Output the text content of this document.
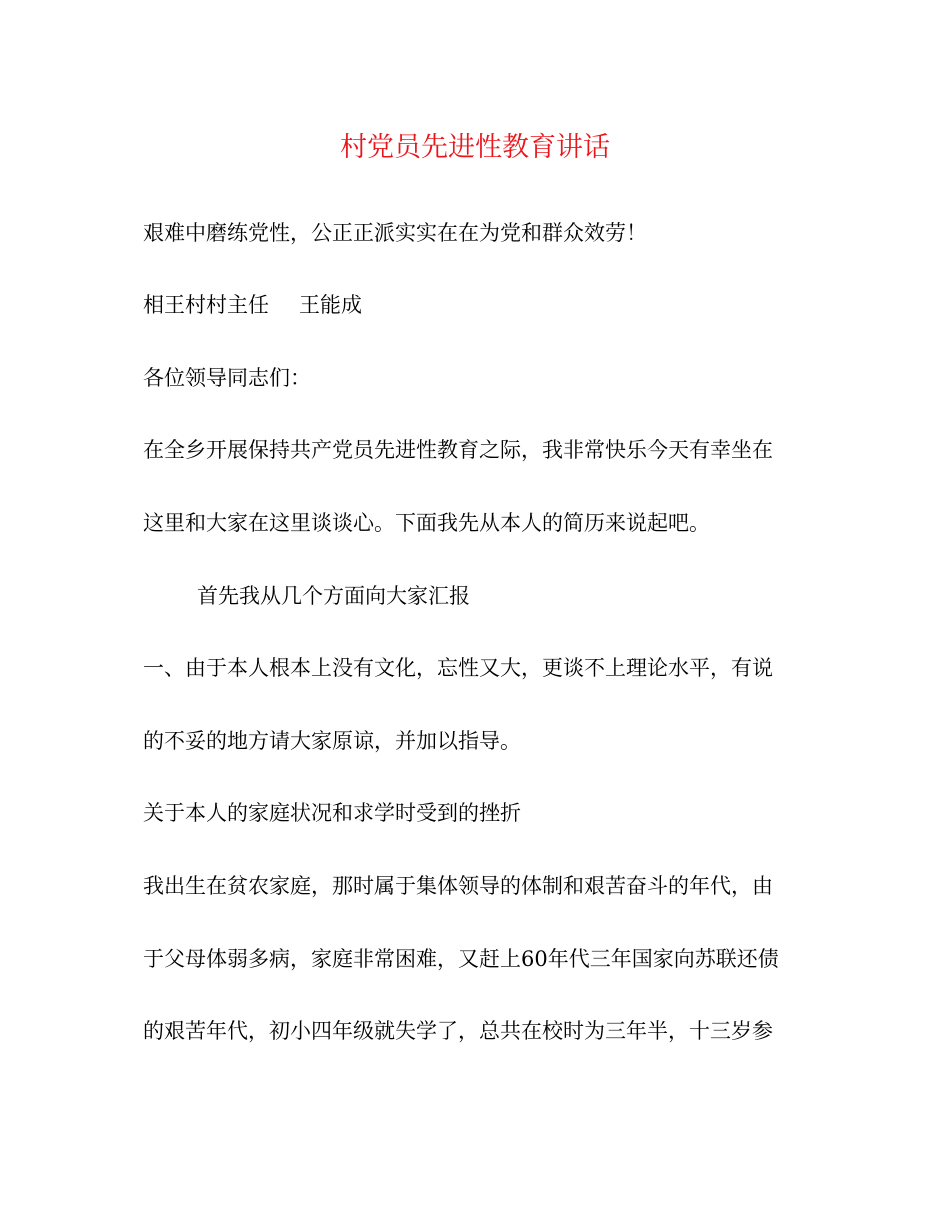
村党员先进性教育讲话
艰难中磨练党性，公正正派实实在在为党和群众效劳！
相王村村主任 王能成
各位领导同志们：
在全乡开展保持共产党员先进性教育之际，我非常快乐今天有幸坐在
这里和大家在这里谈谈心。下面我先从本人的简历来说起吧。
首先我从几个方面向大家汇报
一、由于本人根本上没有文化，忘性又大，更谈不上理论水平，有说
的不妥的地方请大家原谅，并加以指导。
关于本人的家庭状况和求学时受到的挫折
我出生在贫农家庭，那时属于集体领导的体制和艰苦奋斗的年代，由
于父母体弱多病，家庭非常困难，又赶上60年代三年国家向苏联还债
的艰苦年代，初小四年级就失学了，总共在校时为三年半，十三岁参
